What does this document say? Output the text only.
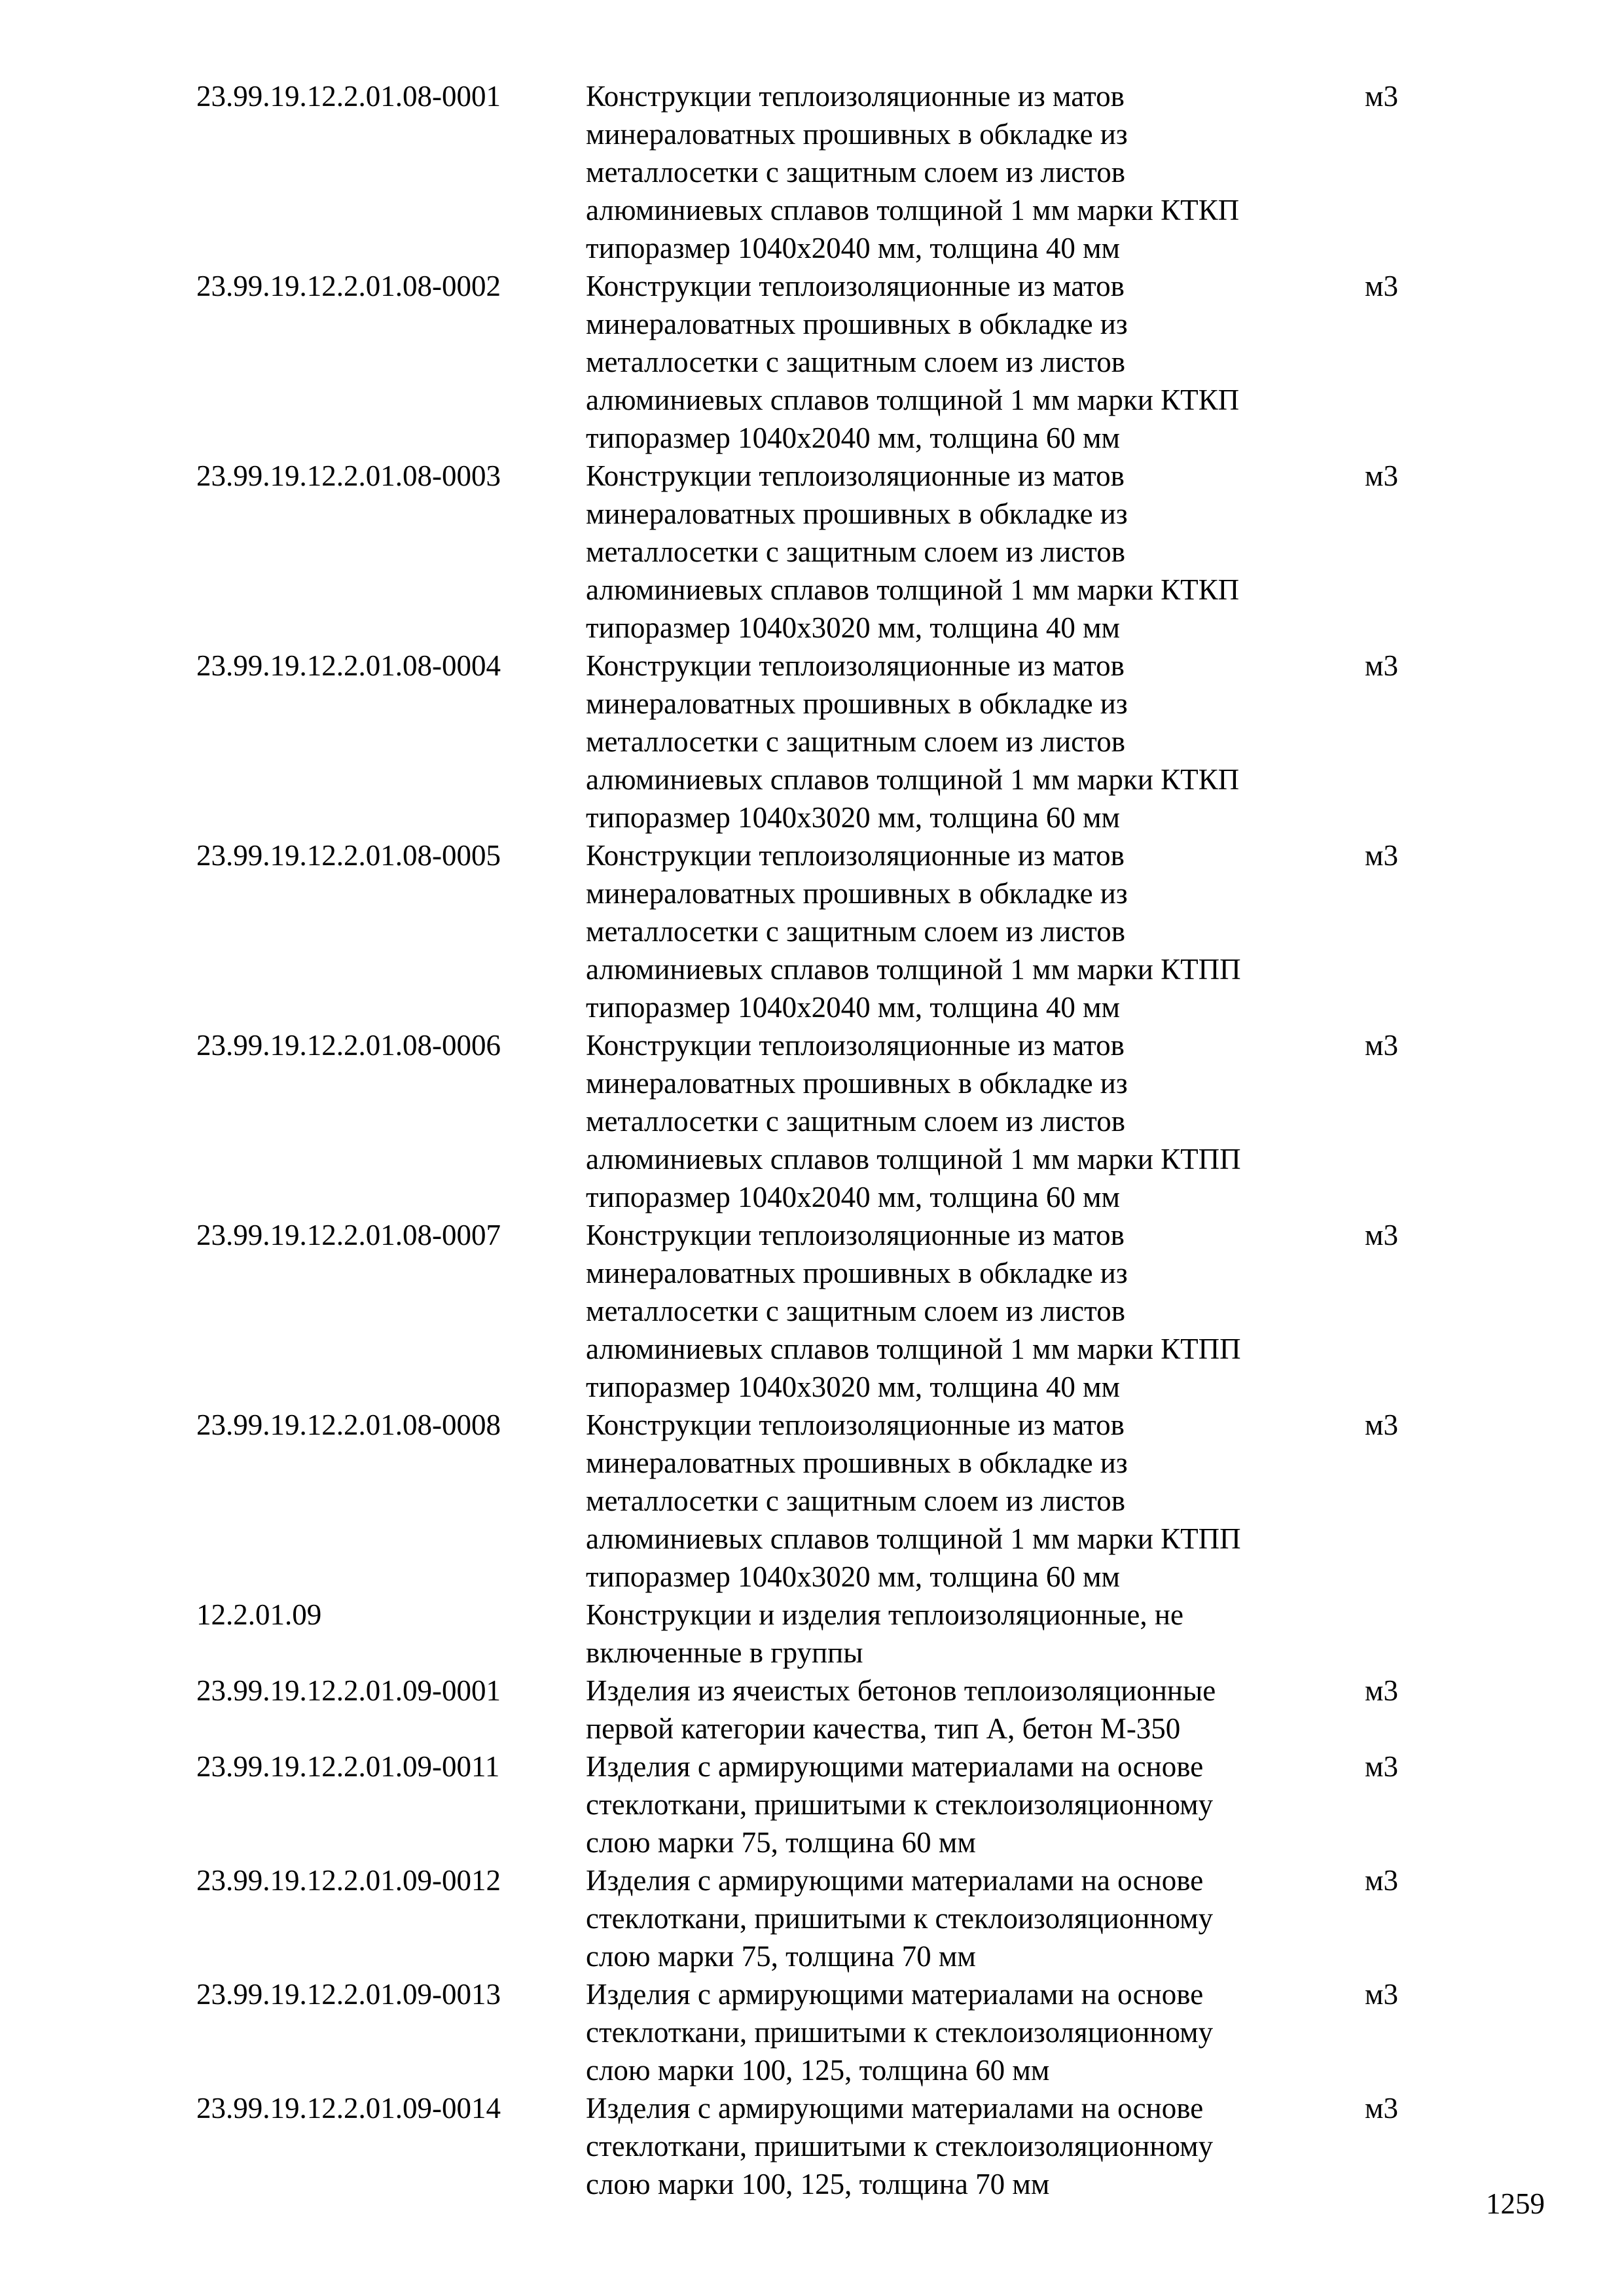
23.99.19.12.2.01.08-0001	Конструкции теплоизоляционные из матов
минераловатных прошивных в обкладке из
металлосетки с защитным слоем из листов
алюминиевых сплавов толщиной 1 мм марки КТКП
типоразмер 1040х2040 мм, толщина 40 мм
м3
23.99.19.12.2.01.08-0002	Конструкции теплоизоляционные из матов
минераловатных прошивных в обкладке из
металлосетки с защитным слоем из листов
алюминиевых сплавов толщиной 1 мм марки КТКП
типоразмер 1040х2040 мм, толщина 60 мм
м3
23.99.19.12.2.01.08-0003	Конструкции теплоизоляционные из матов
минераловатных прошивных в обкладке из
металлосетки с защитным слоем из листов
алюминиевых сплавов толщиной 1 мм марки КТКП
типоразмер 1040х3020 мм, толщина 40 мм
м3
23.99.19.12.2.01.08-0004	Конструкции теплоизоляционные из матов
минераловатных прошивных в обкладке из
металлосетки с защитным слоем из листов
алюминиевых сплавов толщиной 1 мм марки КТКП
типоразмер 1040х3020 мм, толщина 60 мм
м3
23.99.19.12.2.01.08-0005	Конструкции теплоизоляционные из матов
минераловатных прошивных в обкладке из
металлосетки с защитным слоем из листов
алюминиевых сплавов толщиной 1 мм марки КТПП
типоразмер 1040х2040 мм, толщина 40 мм
м3
23.99.19.12.2.01.08-0006	Конструкции теплоизоляционные из матов
минераловатных прошивных в обкладке из
металлосетки с защитным слоем из листов
алюминиевых сплавов толщиной 1 мм марки КТПП
типоразмер 1040х2040 мм, толщина 60 мм
м3
23.99.19.12.2.01.08-0007	Конструкции теплоизоляционные из матов
минераловатных прошивных в обкладке из
металлосетки с защитным слоем из листов
алюминиевых сплавов толщиной 1 мм марки КТПП
типоразмер 1040х3020 мм, толщина 40 мм
м3
23.99.19.12.2.01.08-0008	Конструкции теплоизоляционные из матов
минераловатных прошивных в обкладке из
металлосетки с защитным слоем из листов
алюминиевых сплавов толщиной 1 мм марки КТПП
типоразмер 1040х3020 мм, толщина 60 мм
м3
12.2.01.09	Конструкции и изделия теплоизоляционные, не
включенные в группы
23.99.19.12.2.01.09-0001	Изделия из ячеистых бетонов теплоизоляционные
первой категории качества, тип А, бетон М-350
м3
23.99.19.12.2.01.09-0011	Изделия с армирующими материалами на основе
стеклоткани, пришитыми к стеклоизоляционному
слою марки 75, толщина 60 мм
м3
23.99.19.12.2.01.09-0012	Изделия с армирующими материалами на основе
стеклоткани, пришитыми к стеклоизоляционному
слою марки 75, толщина 70 мм
м3
23.99.19.12.2.01.09-0013	Изделия с армирующими материалами на основе
стеклоткани, пришитыми к стеклоизоляционному
слою марки 100, 125, толщина 60 мм
м3
23.99.19.12.2.01.09-0014	Изделия с армирующими материалами на основе
стеклоткани, пришитыми к стеклоизоляционному
слою марки 100, 125, толщина 70 мм
м3
1259
